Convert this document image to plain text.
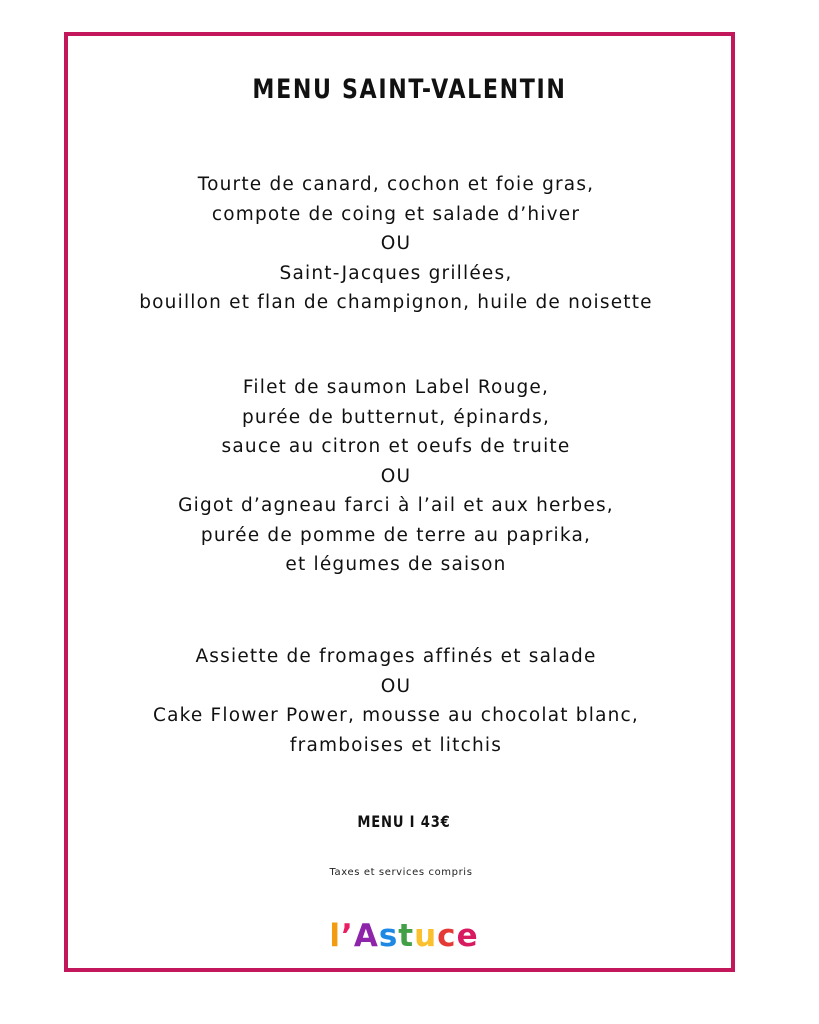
MENU SAINT-VALENTIN
Tourte de canard, cochon et foie gras,
compote de coing et salade d’hiver
OU
Saint-Jacques grillées,
bouillon et flan de champignon, huile de noisette
Filet de saumon Label Rouge,
purée de butternut, épinards,
sauce au citron et oeufs de truite
OU
Gigot d’agneau farci à l’ail et aux herbes,
purée de pomme de terre au paprika,
et légumes de saison
Assiette de fromages affinés et salade
OU
Cake Flower Power, mousse au chocolat blanc,
framboises et litchis
MENU I 43€
Taxes et services compris
l’Astuce
